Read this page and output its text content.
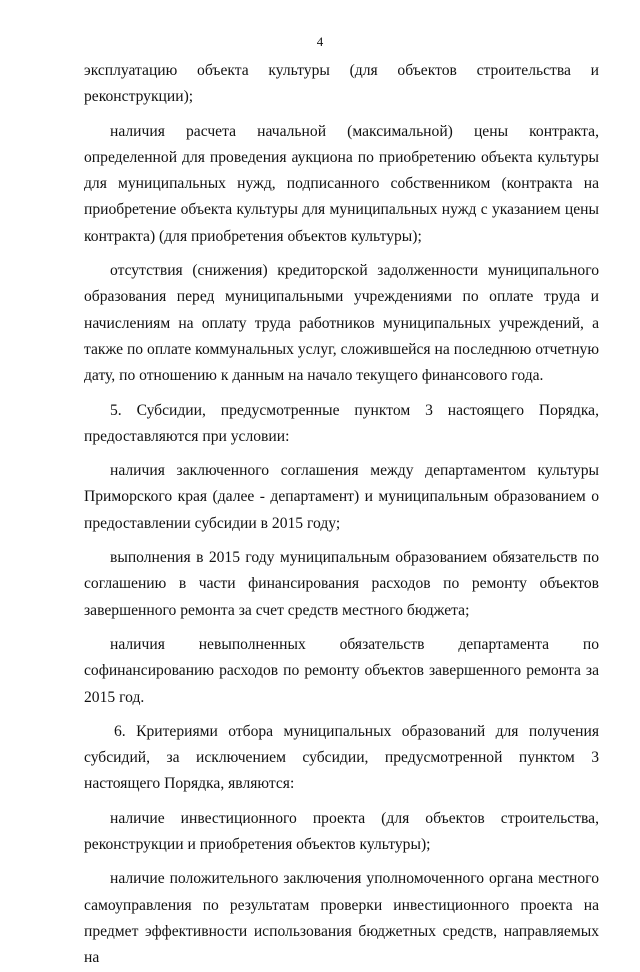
4

эксплуатацию объекта культуры (для объектов строительства и реконструкции);

наличия расчета начальной (максимальной) цены контракта, определенной для проведения аукциона по приобретению объекта культуры для муниципальных нужд, подписанного собственником (контракта на приобретение объекта культуры для муниципальных нужд с указанием цены контракта) (для приобретения объектов культуры);

отсутствия (снижения) кредиторской задолженности муниципального образования перед муниципальными учреждениями по оплате труда и начислениям на оплату труда работников муниципальных учреждений, а также по оплате коммунальных услуг, сложившейся на последнюю отчетную дату, по отношению к данным на начало текущего финансового года.

5. Субсидии, предусмотренные пунктом 3 настоящего Порядка, предоставляются при условии:

наличия заключенного соглашения между департаментом культуры Приморского края (далее - департамент) и муниципальным образованием о предоставлении субсидии в 2015 году;

выполнения в 2015 году муниципальным образованием обязательств по соглашению в части финансирования расходов по ремонту объектов завершенного ремонта за счет средств местного бюджета;

наличия невыполненных обязательств департамента по софинансированию расходов по ремонту объектов завершенного ремонта за 2015 год.

6. Критериями отбора муниципальных образований для получения субсидий, за исключением субсидии, предусмотренной пунктом 3 настоящего Порядка, являются:

наличие инвестиционного проекта (для объектов строительства, реконструкции и приобретения объектов культуры);

наличие положительного заключения уполномоченного органа местного самоуправления по результатам проверки инвестиционного проекта на предмет эффективности использования бюджетных средств, направляемых на
